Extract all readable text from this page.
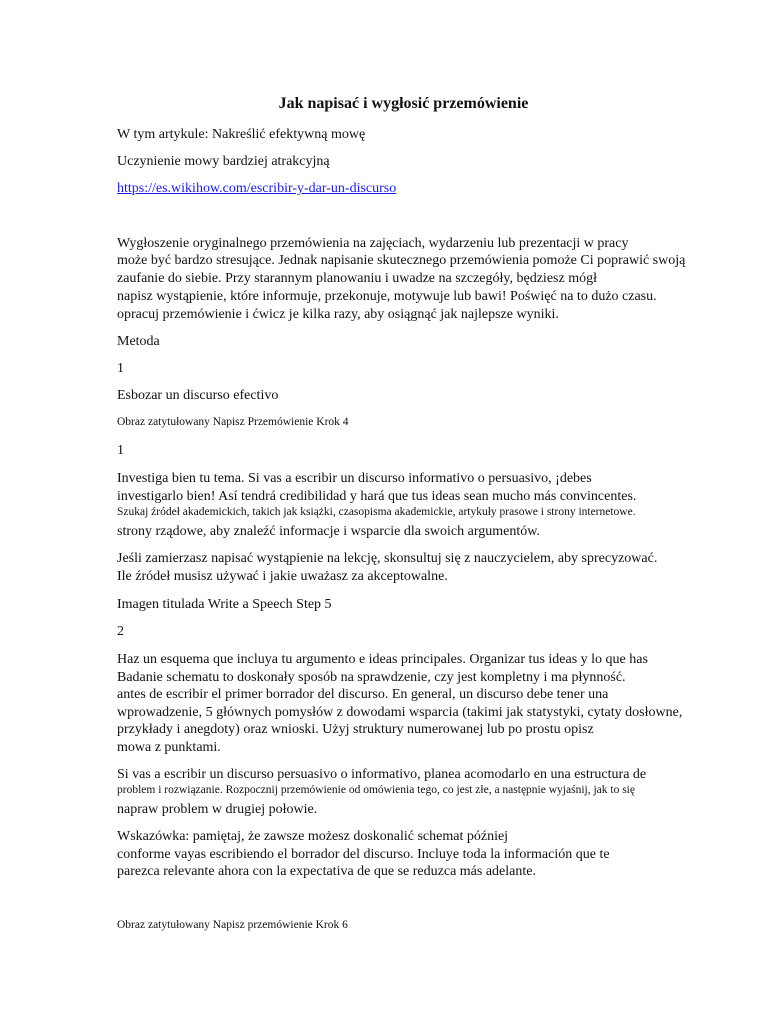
Jak napisać i wygłosić przemówienie
W tym artykule: Nakreślić efektywną mowę
Uczynienie mowy bardziej atrakcyjną
https://es.wikihow.com/escribir-y-dar-un-discurso
Wygłoszenie oryginalnego przemówienia na zajęciach, wydarzeniu lub prezentacji w pracy
może być bardzo stresujące. Jednak napisanie skutecznego przemówienia pomoże Ci poprawić swoją
zaufanie do siebie. Przy starannym planowaniu i uwadze na szczegóły, będziesz mógł
napisz wystąpienie, które informuje, przekonuje, motywuje lub bawi! Poświęć na to dużo czasu.
opracuj przemówienie i ćwicz je kilka razy, aby osiągnąć jak najlepsze wyniki.
Metoda
1
Esbozar un discurso efectivo
Obraz zatytułowany Napisz Przemówienie Krok 4
1
Investiga bien tu tema. Si vas a escribir un discurso informativo o persuasivo, ¡debes
investigarlo bien! Así tendrá credibilidad y hará que tus ideas sean mucho más convincentes.
Szukaj źródeł akademickich, takich jak książki, czasopisma akademickie, artykuły prasowe i strony internetowe.
strony rządowe, aby znaleźć informacje i wsparcie dla swoich argumentów.
Jeśli zamierzasz napisać wystąpienie na lekcję, skonsultuj się z nauczycielem, aby sprecyzować.
Ile źródeł musisz używać i jakie uważasz za akceptowalne.
Imagen titulada Write a Speech Step 5
2
Haz un esquema que incluya tu argumento e ideas principales. Organizar tus ideas y lo que has
Badanie schematu to doskonały sposób na sprawdzenie, czy jest kompletny i ma płynność.
antes de escribir el primer borrador del discurso. En general, un discurso debe tener una
wprowadzenie, 5 głównych pomysłów z dowodami wsparcia (takimi jak statystyki, cytaty dosłowne,
przykłady i anegdoty) oraz wnioski. Użyj struktury numerowanej lub po prostu opisz
mowa z punktami.
Si vas a escribir un discurso persuasivo o informativo, planea acomodarlo en una estructura de
problem i rozwiązanie. Rozpocznij przemówienie od omówienia tego, co jest złe, a następnie wyjaśnij, jak to się
napraw problem w drugiej połowie.
Wskazówka: pamiętaj, że zawsze możesz doskonalić schemat później
conforme vayas escribiendo el borrador del discurso. Incluye toda la información que te
parezca relevante ahora con la expectativa de que se reduzca más adelante.
Obraz zatytułowany Napisz przemówienie Krok 6
